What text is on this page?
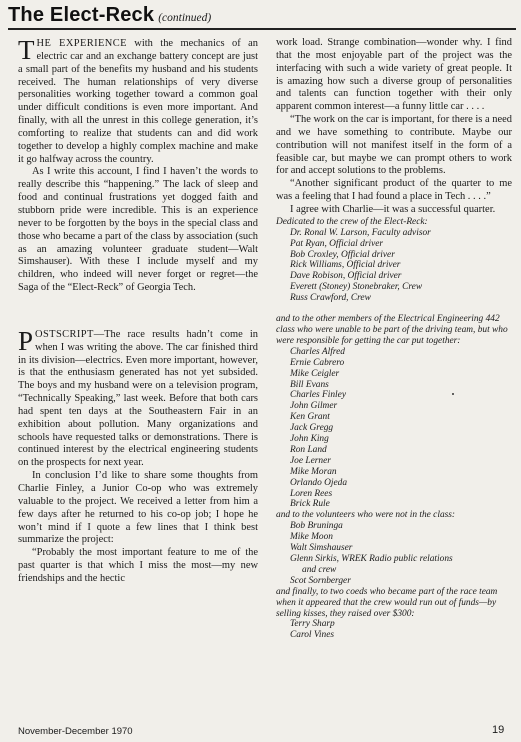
The Elect-Reck (continued)

THE EXPERIENCE with the mechanics of an electric car and an exchange battery concept are just a small part of the benefits my husband and his students received. The human relationships of very diverse personalities working together toward a common goal under difficult conditions is even more important. And finally, with all the unrest in this college generation, it’s comforting to realize that students can and did work together to develop a highly complex machine and make it go halfway across the country.

As I write this account, I find I haven’t the words to really describe this “happening.” The lack of sleep and food and continual frustrations yet dogged faith and stubborn pride were incredible. This is an experience never to be forgotten by the boys in the special class and those who became a part of the class by association (such as an amazing volunteer graduate student—Walt Simshauser). With these I include myself and my children, who indeed will never forget or regret—the Saga of the “Elect-Reck” of Georgia Tech.

POSTSCRIPT—The race results hadn’t come in when I was writing the above. The car finished third in its division—electrics. Even more important, however, is that the enthusiasm generated has not yet subsided. The boys and my husband were on a television program, “Technically Speaking,” last week. Before that both cars had spent ten days at the Southeastern Fair in an exhibition about pollution. Many organizations and schools have requested talks or demonstrations. There is continued interest by the electrical engineering students on the prospects for next year.

In conclusion I’d like to share some thoughts from Charlie Finley, a Junior Co-op who was extremely valuable to the project. We received a letter from him a few days after he returned to his co-op job; I hope he won’t mind if I quote a few lines that I think best summarize the project:

“Probably the most important feature to me of the past quarter is that which I miss the most—my new friendships and the hectic

work load. Strange combination—wonder why. I find that the most enjoyable part of the project was the interfacing with such a wide variety of great people. It is amazing how such a diverse group of personalities and talents can function together with their only apparent common interest—a funny little car . . . .

“The work on the car is important, for there is a need and we have something to contribute. Maybe our contribution will not manifest itself in the form of a feasible car, but maybe we can prompt others to work for and accept solutions to the problems.

“Another significant product of the quarter to me was a feeling that I had found a place in Tech . . . .”

I agree with Charlie—it was a successful quarter.

Dedicated to the crew of the Elect-Reck:
Dr. Ronal W. Larson, Faculty advisor
Pat Ryan, Official driver
Bob Croxley, Official driver
Rick Williams, Official driver
Dave Robison, Official driver
Everett (Stoney) Stonebraker, Crew
Russ Crawford, Crew
and to the other members of the Electrical Engineering 442 class who were unable to be part of the driving team, but who were responsible for getting the car put together:
Charles Alfred
Ernie Cabrero
Mike Ceigler
Bill Evans
Charles Finley
John Gilmer
Ken Grant
Jack Gregg
John King
Ron Land
Joe Lerner
Mike Moran
Orlando Ojeda
Loren Rees
Brick Rule
and to the volunteers who were not in the class:
Bob Bruninga
Mike Moon
Walt Simshauser
Glenn Sirkis, WREK Radio public relations
and crew
Scot Sornberger
and finally, to two coeds who became part of the race team when it appeared that the crew would run out of funds—by selling kisses, they raised over $300:
Terry Sharp
Carol Vines
November-December 1970	19
